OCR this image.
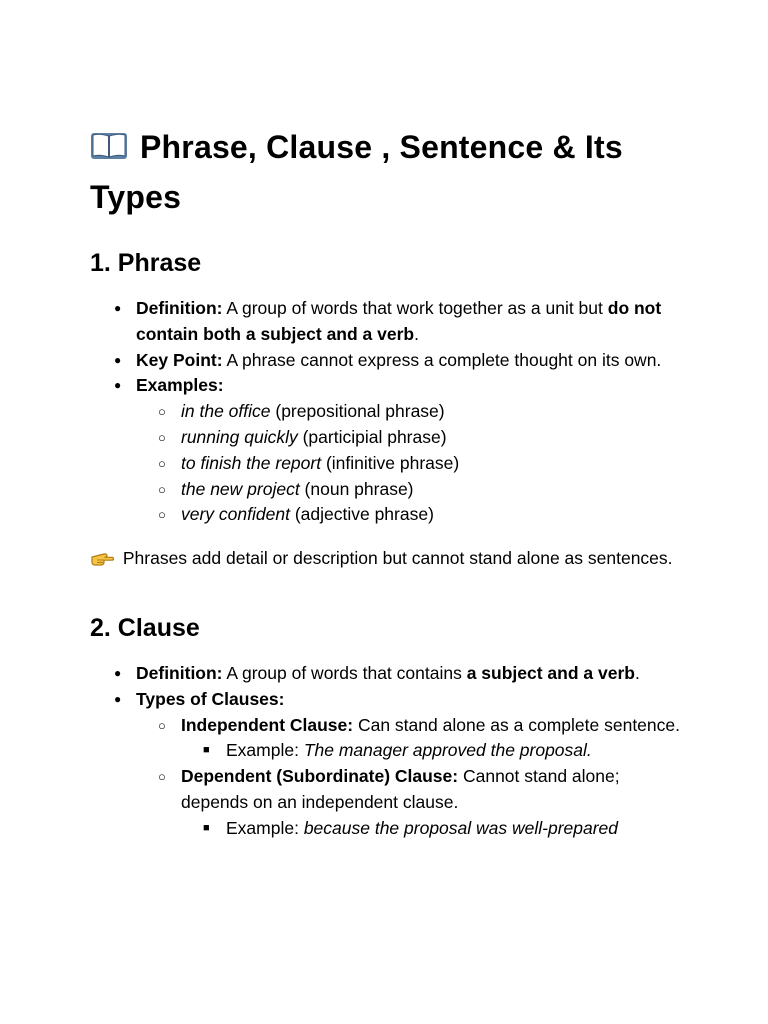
Phrase, Clause , Sentence & Its Types
1. Phrase
● Definition: A group of words that work together as a unit but do not contain both a subject and a verb.
● Key Point: A phrase cannot express a complete thought on its own.
● Examples:
○ in the office (prepositional phrase)
○ running quickly (participial phrase)
○ to finish the report (infinitive phrase)
○ the new project (noun phrase)
○ very confident (adjective phrase)

Phrases add detail or description but cannot stand alone as sentences.

2. Clause
● Definition: A group of words that contains a subject and a verb.
● Types of Clauses:
○ Independent Clause: Can stand alone as a complete sentence.
■ Example: The manager approved the proposal.
○ Dependent (Subordinate) Clause: Cannot stand alone; depends on an independent clause.
■ Example: because the proposal was well-prepared
